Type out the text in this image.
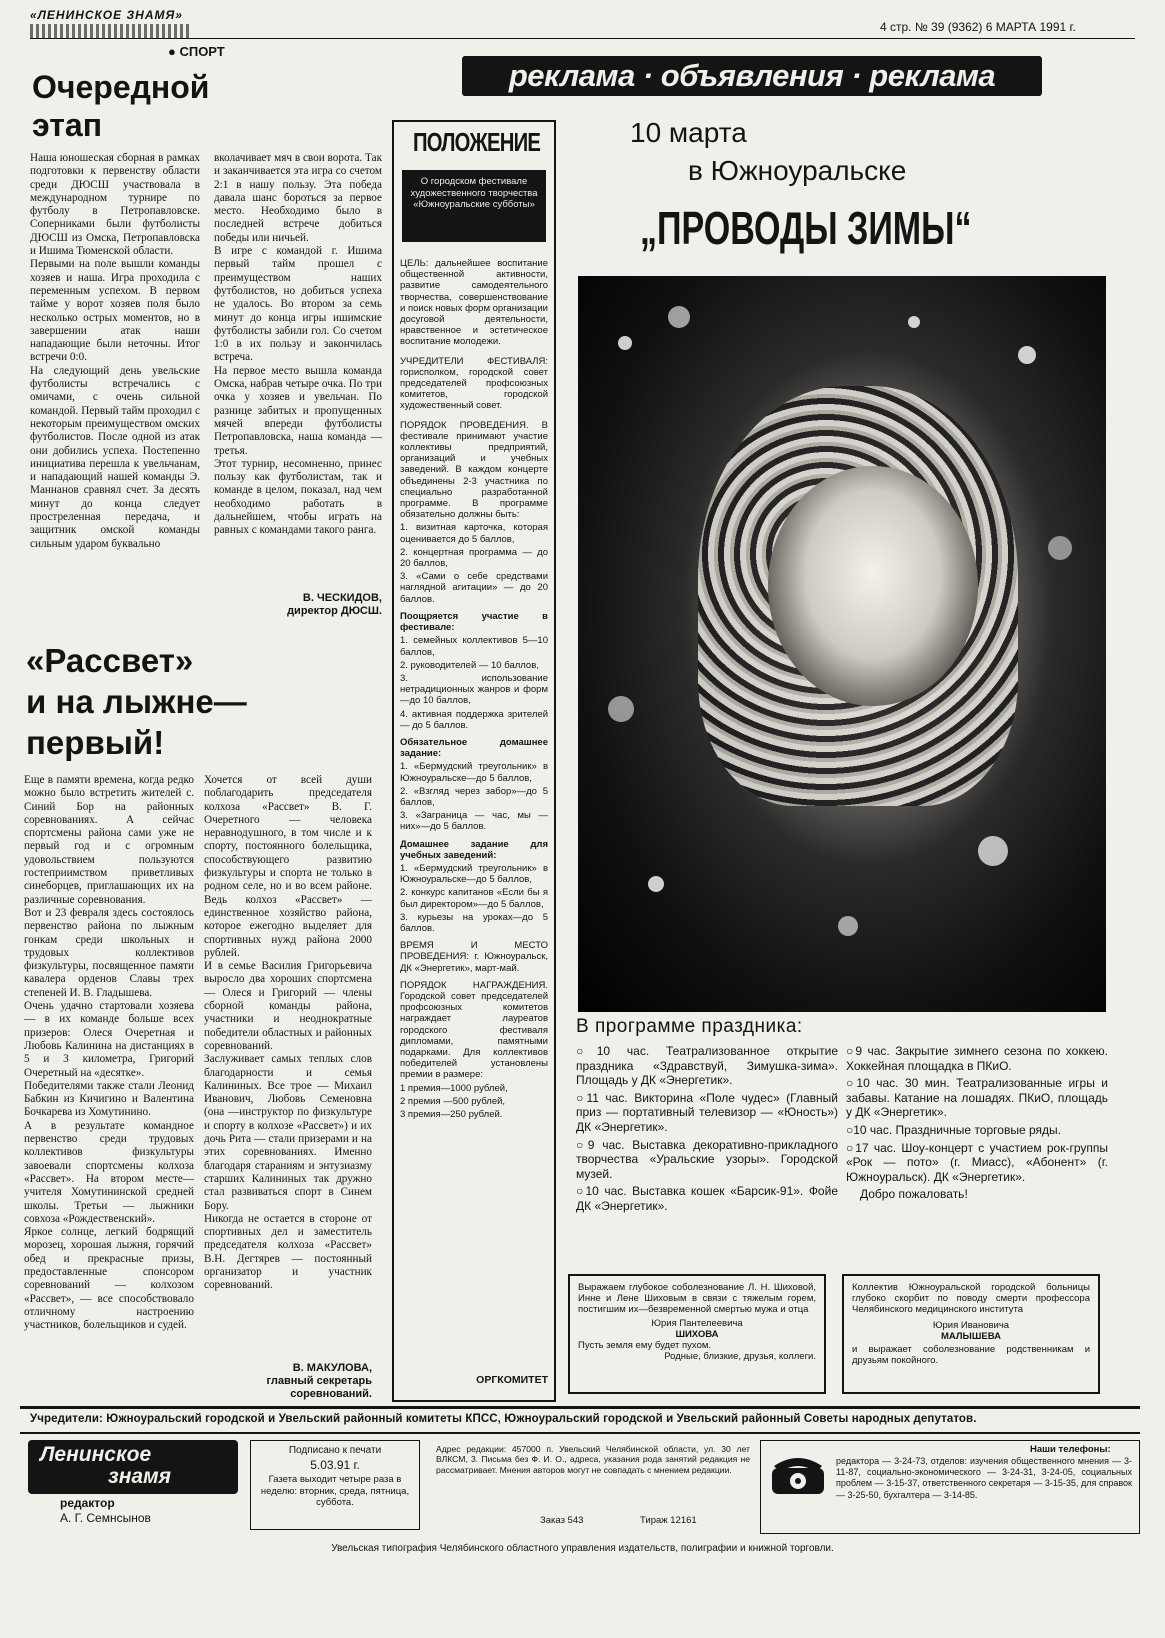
«ЛЕНИНСКОЕ ЗНАМЯ»
4 стр. № 39 (9362) 6 МАРТА 1991 г.
● СПОРТ
реклама · объявления · реклама
Очередной
этап
Наша юношеская сборная в рамках подготовки к первенству области среди ДЮСШ участвовала в международном турнире по футболу в Петропавловске. Соперниками были футболисты ДЮСШ из Омска, Петропавловска и Ишима Тюменской области.
Первыми на поле вышли команды хозяев и наша. Игра проходила с переменным успехом. В первом тайме у ворот хозяев поля было несколько острых моментов, но в завершении атак наши нападающие были неточны. Итог встречи 0:0.
На следующий день увельские футболисты встречались с омичами, с очень сильной командой. Первый тайм проходил с некоторым преимуществом омских футболистов. После одной из атак они добились успеха. Постепенно инициатива перешла к увельчанам, и нападающий нашей команды Э. Маннанов сравнял счет. За десять минут до конца следует простреленная передача, и защитник омской команды сильным ударом буквально
вколачивает мяч в свои ворота. Так и заканчивается эта игра со счетом 2:1 в нашу пользу. Эта победа давала шанс бороться за первое место. Необходимо было в последней встрече добиться победы или ничьей.
В игре с командой г. Ишима первый тайм прошел с преимуществом наших футболистов, но добиться успеха не удалось. Во втором за семь минут до конца игры ишимские футболисты забили гол. Со счетом 1:0 в их пользу и закончилась встреча.
На первое место вышла команда Омска, набрав четыре очка. По три очка у хозяев и увельчан. По разнице забитых и пропущенных мячей впереди футболисты Петропавловска, наша команда — третья.
Этот турнир, несомненно, принес пользу как футболистам, так и команде в целом, показал, над чем необходимо работать в дальнейшем, чтобы играть на равных с командами такого ранга.
В. ЧЕСКИДОВ,
директор ДЮСШ.
«Рассвет»
и на лыжне—
первый!
Еще в памяти времена, когда редко можно было встретить жителей с. Синий Бор на районных соревнованиях. А сейчас спортсмены района сами уже не первый год и с огромным удовольствием пользуются гостеприимством приветливых синеборцев, приглашающих их на различные соревнования.
Вот и 23 февраля здесь состоялось первенство района по лыжным гонкам среди школьных и трудовых коллективов физкультуры, посвященное памяти кавалера орденов Славы трех степеней И. В. Гладышева.
Очень удачно стартовали хозяева — в их команде больше всех призеров: Олеся Очеретная и Любовь Калинина на дистанциях в 5 и 3 километра, Григорий Очеретный на «десятке».
Победителями также стали Леонид Бабкин из Кичигино и Валентина Бочкарева из Хомутинино.
А в результате командное первенство среди трудовых коллективов физкультуры завоевали спортсмены колхоза «Рассвет». На втором месте—учителя Хомутининской средней школы. Третьи — лыжники совхоза «Рождественский».
Яркое солнце, легкий бодрящий морозец, хорошая лыжня, горячий обед и прекрасные призы, предоставленные спонсором соревнований — колхозом «Рассвет», — все способствовало отличному настроению участников, болельщиков и судей.
Хочется от всей души поблагодарить председателя колхоза «Рассвет» В. Г. Очеретного — человека неравнодушного, в том числе и к спорту, постоянного болельщика, способствующего развитию физкультуры и спорта не только в родном селе, но и во всем районе. Ведь колхоз «Рассвет» — единственное хозяйство района, которое ежегодно выделяет для спортивных нужд района 2000 рублей.
И в семье Василия Григорьевича выросло два хороших спортсмена — Олеся и Григорий — члены сборной команды района, участники и неоднократные победители областных и районных соревнований.
Заслуживает самых теплых слов благодарности и семья Калининых. Все трое — Михаил Иванович, Любовь Семеновна (она —инструктор по физкультуре и спорту в колхозе «Рассвет») и их дочь Рита — стали призерами и на этих соревнованиях. Именно благодаря стараниям и энтузиазму старших Калининых так дружно стал развиваться спорт в Синем Бору.
Никогда не остается в стороне от спортивных дел и заместитель председателя колхоза «Рассвет» В.Н. Дегтярев — постоянный организатор и участник соревнований.
В. МАКУЛОВА,
главный секретарь соревнований.
ПОЛОЖЕНИЕ
О городском фестивале художественного творчества «Южноуральские субботы»

ЦЕЛЬ: дальнейшее воспитание общественной активности, развитие самодеятельного творчества, совершенствование и поиск новых форм организации досуговой деятельности, нравственное и эстетическое воспитание молодежи.

УЧРЕДИТЕЛИ ФЕСТИВАЛЯ: горисполком, городской совет председателей профсоюзных комитетов, городской художественный совет.

ПОРЯДОК ПРОВЕДЕНИЯ. В фестивале принимают участие коллективы предприятий, организаций и учебных заведений. В каждом концерте объединены 2-3 участника по специально разработанной программе. В программе обязательно должны быть:

1. визитная карточка, которая оценивается до 5 баллов,
2. концертная программа — до 20 баллов,
3. «Сами о себе средствами наглядной агитации» — до 20 баллов.
Поощряется участие в фестивале:
1. семейных коллективов 5—10 баллов,
2. руководителей — 10 баллов,
3. использование нетрадиционных жанров и форм—до 10 баллов,
4. активная поддержка зрителей — до 5 баллов.
Обязательное домашнее задание:
1. «Бермудский треугольник» в Южноуральске—до 5 баллов,
2. «Взгляд через забор»—до 5 баллов,
3. «Заграница — час, мы — них»—до 5 баллов.
Домашнее задание для учебных заведений:
1. «Бермудский треугольник» в Южноуральске—до 5 баллов,
2. конкурс капитанов «Если бы я был директором»—до 5 баллов,
3. курьезы на уроках—до 5 баллов.

ВРЕМЯ И МЕСТО ПРОВЕДЕНИЯ: г. Южноуральск, ДК «Энергетик», март-май.

ПОРЯДОК НАГРАЖДЕНИЯ. Городской совет председателей профсоюзных комитетов награждает лауреатов городского фестиваля дипломами, памятными подарками. Для коллективов победителей установлены премии в размере:

1 премия—1000 рублей,
2 премия —500 рублей,
3 премия—250 рублей.
ОРГКОМИТЕТ
10 марта
в Южноуральске
„ПРОВОДЫ ЗИМЫ“
В программе праздника:
○10 час. Театрализованное открытие праздника «Здравствуй, Зимушка-зима». Площадь у ДК «Энергетик».
○11 час. Викторина «Поле чудес» (Главный приз — портативный телевизор — «Юность») ДК «Энергетик».
○9 час. Выставка декоративно-прикладного творчества «Уральские узоры». Городской музей.
○10 час. Выставка кошек «Барсик-91». Фойе ДК «Энергетик».
○9 час. Закрытие зимнего сезона по хоккею. Хоккейная площадка в ПКиО.
○10 час. 30 мин. Театрализованные игры и забавы. Катание на лошадях. ПКиО, площадь у ДК «Энергетик».
○10 час. Праздничные торговые ряды.
○17 час. Шоу-концерт с участием рок-группы «Рок — пото» (г. Миасс), «Абонент» (г. Южноуральск). ДК «Энергетик».
Добро пожаловать!
Выражаем глубокое соболезнование Л. Н. Шиховой, Инне и Лене Шиховым в связи с тяжелым горем, постигшим их—безвременной смертью мужа и отца
Юрия Пантелеевича
ШИХОВА
Пусть земля ему будет пухом.
Родные, близкие, друзья, коллеги.
Коллектив Южноуральской городской больницы глубоко скорбит по поводу смерти профессора Челябинского медицинского института
Юрия Ивановича
МАЛЫШЕВА
и выражает соболезнование родственникам и друзьям покойного.
Учредители: Южноуральский городской и Увельский районный комитеты КПСС, Южноуральский городской и Увельский районный Советы народных депутатов.
Ленинское
знамя
редактор
А. Г. Семнсынов
Подписано к печати
5.03.91 г.
Газета выходит четыре раза в неделю: вторник, среда, пятница, суббота.
Адрес редакции: 457000 п. Увельский Челябинской области, ул. 30 лет ВЛКСМ, 3. Письма без Ф. И. О., адреса, указания рода занятий редакция не рассматривает. Мнения авторов могут не совпадать с мнением редакции.
Заказ 543	Тираж 12161
Наши телефоны:
редактора — 3-24-73, отделов: изучения общественного мнения — 3-11-87, социально-экономического — 3-24-31, 3-24-05, социальных проблем — 3-15-37, ответственного секретаря — 3-15-35, для справок — 3-25-50, бухгалтера — 3-14-85.
Увельская типография Челябинского областного управления издательств, полиграфии и книжной торговли.
